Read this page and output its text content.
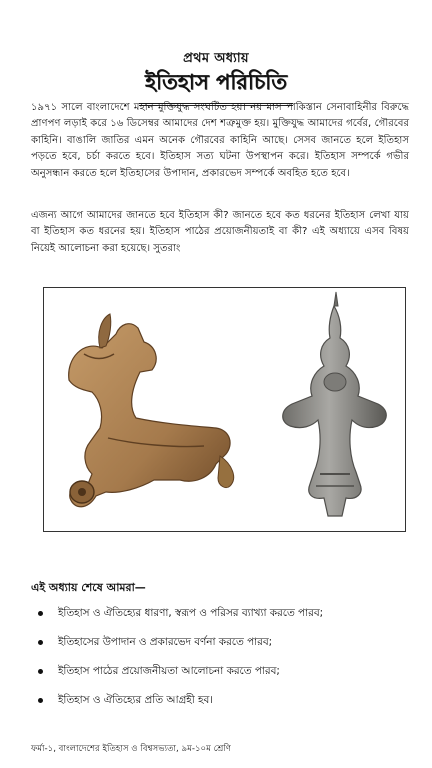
প্রথম অধ্যায়
ইতিহাস পরিচিতি
১৯৭১ সালে বাংলাদেশে মহান মুক্তিযুদ্ধ সংঘটিত হয়। নয় মাস পাকিস্তান সেনাবাহিনীর বিরুদ্ধে প্রাণপণ লড়াই করে ১৬ ডিসেম্বর আমাদের দেশ শত্রুমুক্ত হয়। মুক্তিযুদ্ধ আমাদের গর্বের, গৌরবের কাহিনি। বাঙালি জাতির এমন অনেক গৌরবের কাহিনি আছে। সেসব জানতে হলে ইতিহাস পড়তে হবে, চর্চা করতে হবে। ইতিহাস সত্য ঘটনা উপস্থাপন করে। ইতিহাস সম্পর্কে গভীর অনুসন্ধান করতে হলে ইতিহাসের উপাদান, প্রকারভেদ সম্পর্কে অবহিত হতে হবে।
এজন্য আগে আমাদের জানতে হবে ইতিহাস কী? জানতে হবে কত ধরনের ইতিহাস লেখা যায় বা ইতিহাস কত ধরনের হয়। ইতিহাস পাঠের প্রয়োজনীয়তাই বা কী? এই অধ্যায়ে এসব বিষয় নিয়েই আলোচনা করা হয়েছে। সুতরাং
এই অধ্যায় শেষে আমরা—
ইতিহাস ও ঐতিহ্যের ধারণা, স্বরূপ ও পরিসর ব্যাখ্যা করতে পারব;
ইতিহাসের উপাদান ও প্রকারভেদ বর্ণনা করতে পারব;
ইতিহাস পাঠের প্রয়োজনীয়তা আলোচনা করতে পারব;
ইতিহাস ও ঐতিহ্যের প্রতি আগ্রহী হব।
ফর্মা-১, বাংলাদেশের ইতিহাস ও বিশ্বসভ্যতা, ৯ম-১০ম শ্রেণি
